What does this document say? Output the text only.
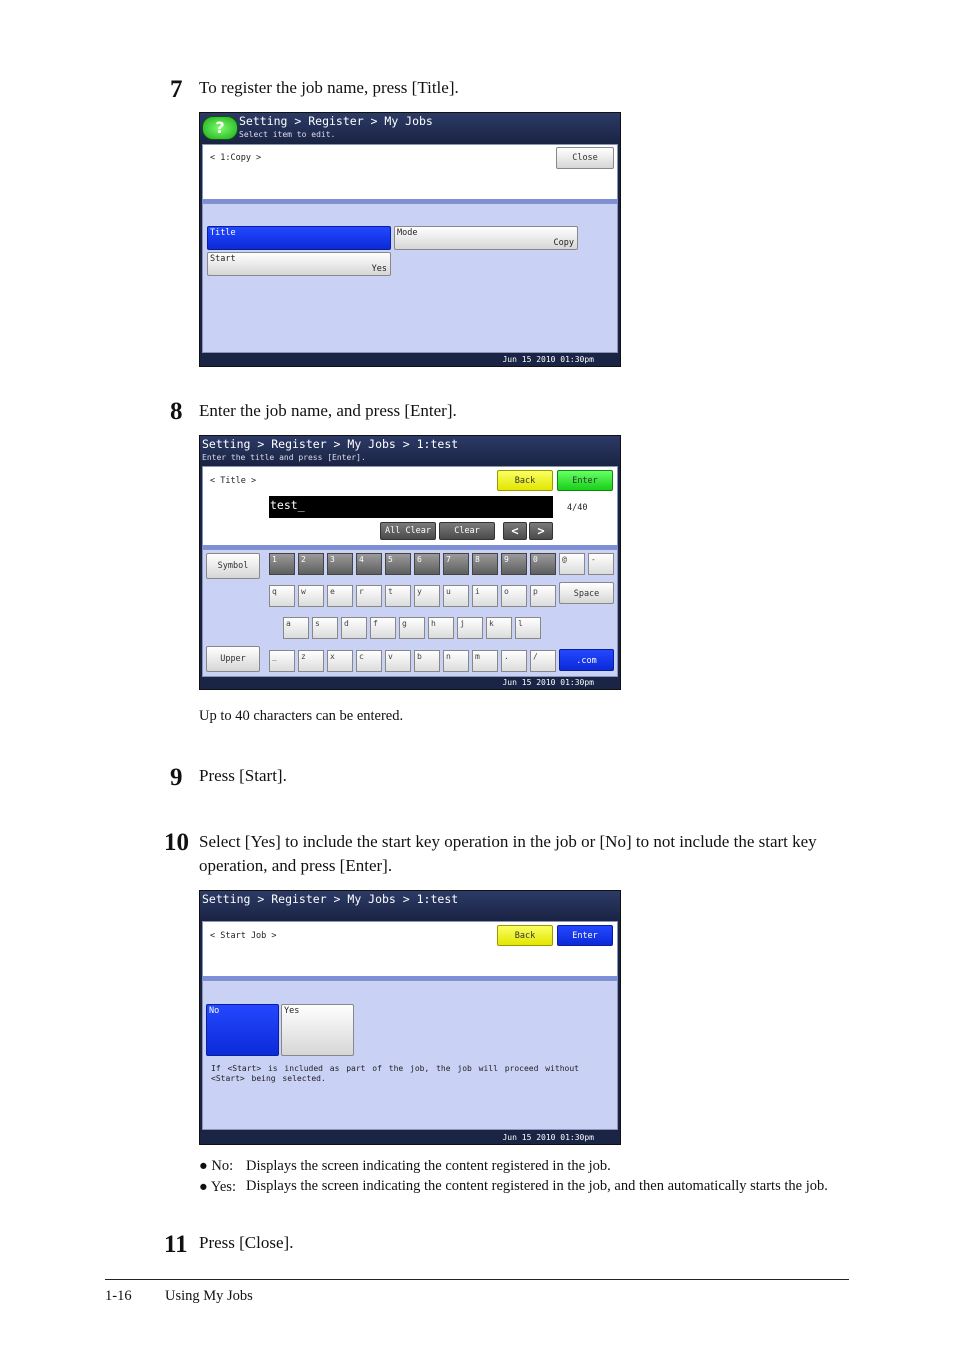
7 To register the job name, press [Title].
?	Setting > Register > My Jobs
Select item to edit.
< 1:Copy >	Close
Title	Mode
Copy
Start
Yes
Jun 15 2010 01:30pm
8 Enter the job name, and press [Enter].
Setting > Register > My Jobs > 1:test
Enter the title and press [Enter].
< Title >	Back	Enter
test_	4/40
All Clear	Clear	<	>
Symbol
Upper
Space
.com
1	2	3	4	5	6	7	8	9	0	@	-
q	w	e	r	t	y	u	i	o	p
a	s	d	f	g	h	j	k	l
_	z	x	c	v	b	n	m	.	/
Jun 15 2010 01:30pm
Up to 40 characters can be entered.
9 Press [Start].
10 Select [Yes] to include the start key operation in the job or [No] to not include the start key operation, and press [Enter].
Setting > Register > My Jobs > 1:test
< Start Job >	Back	Enter
No	Yes
If <Start> is included as part of the job, the job will proceed without <Start> being selected.
Jun 15 2010 01:30pm
● No: Displays the screen indicating the content registered in the job.
● Yes: Displays the screen indicating the content registered in the job, and then automatically starts the job.
11 Press [Close].
1-16 Using My Jobs
